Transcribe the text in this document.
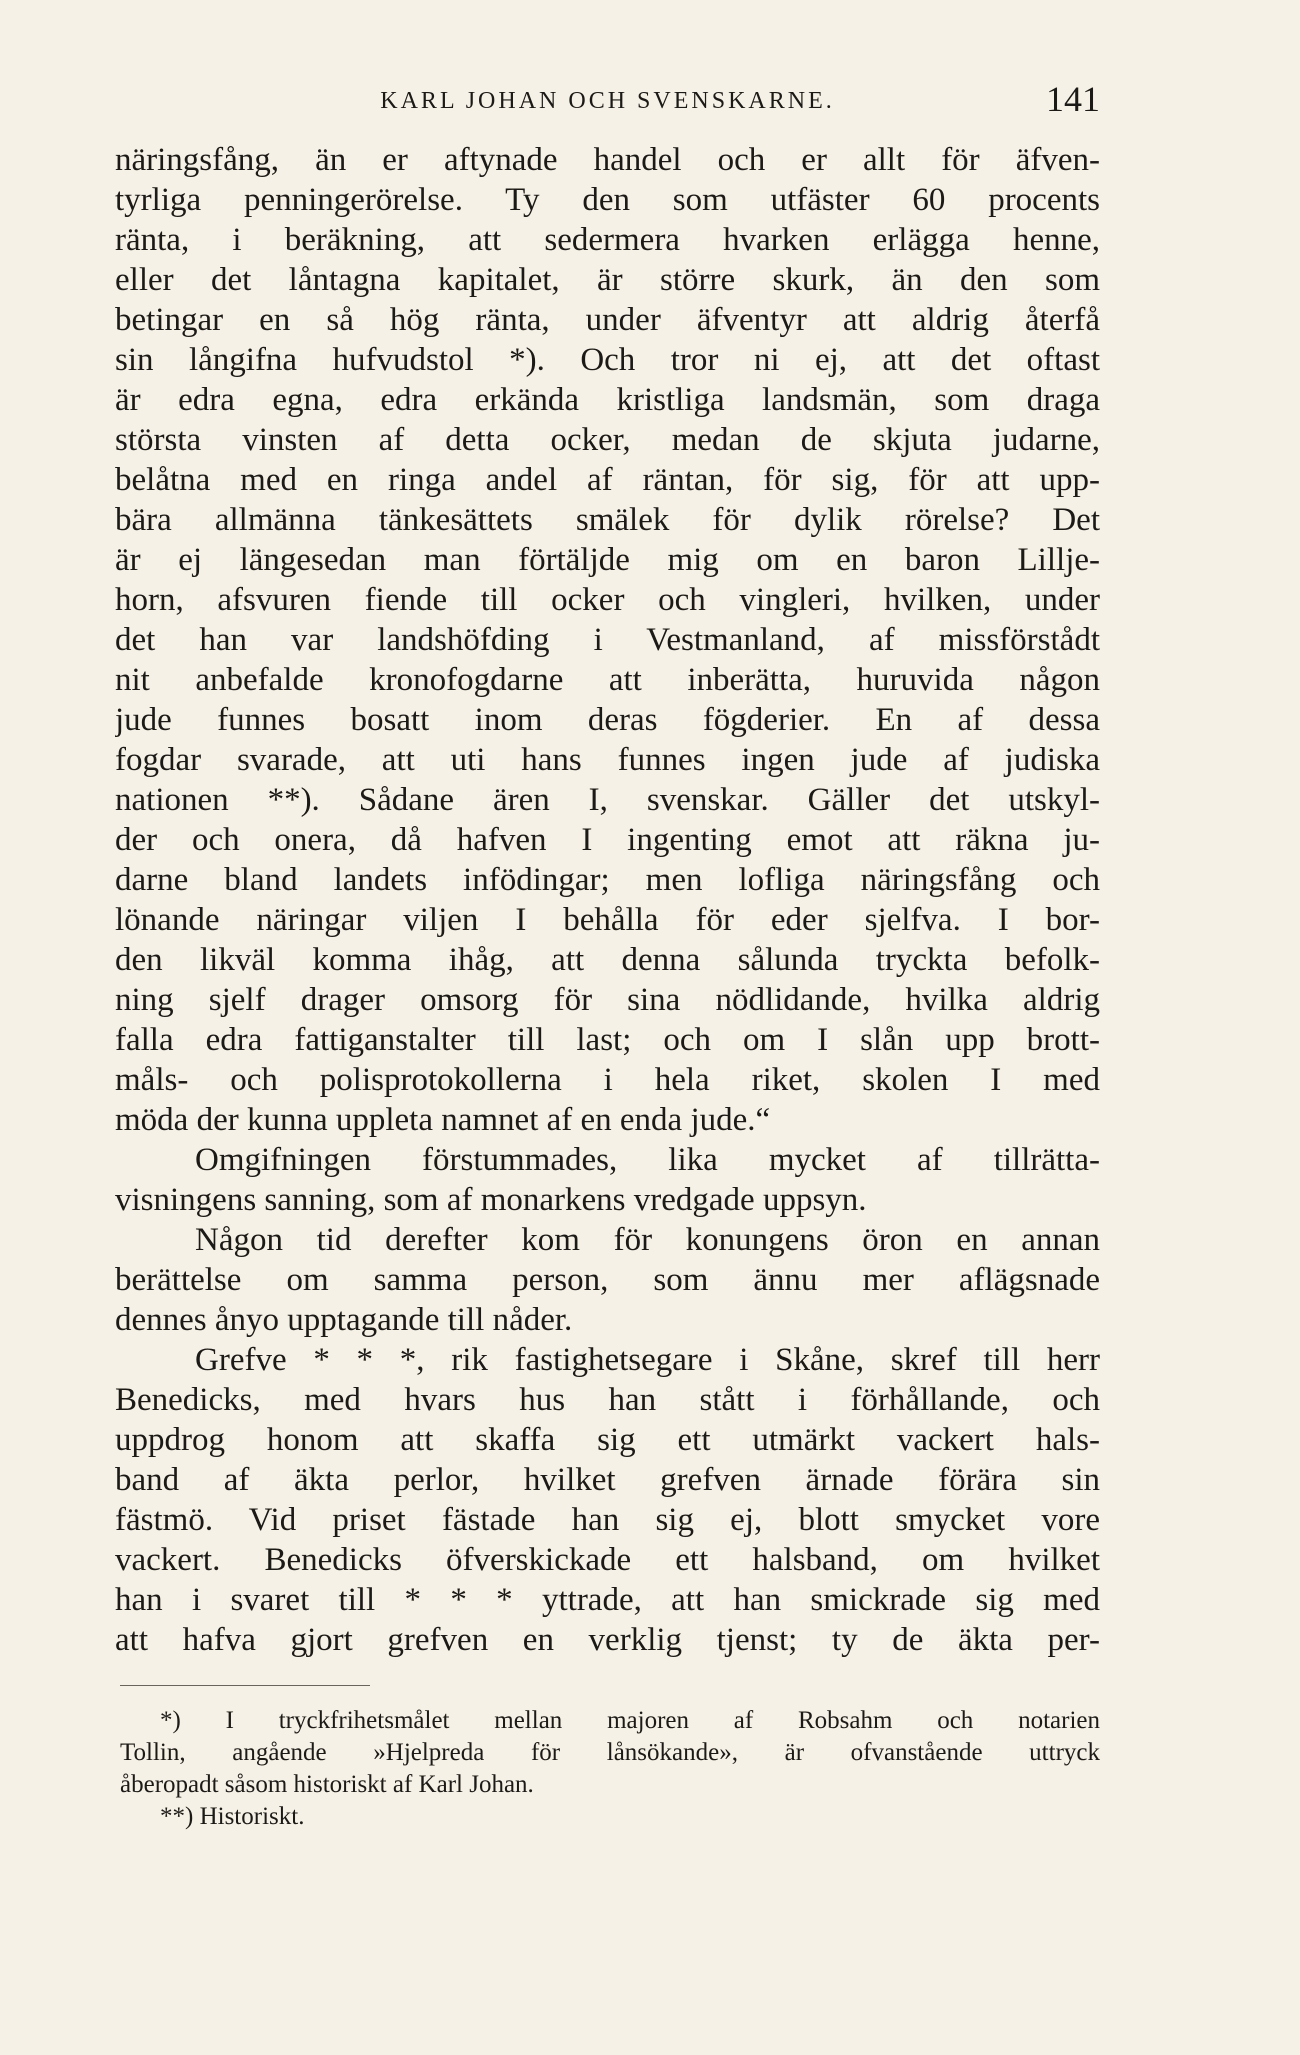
KARL JOHAN OCH SVENSKARNE.	141
näringsfång, än er aftynade handel och er allt för äfven-
tyrliga penningerörelse. Ty den som utfäster 60 procents
ränta, i beräkning, att sedermera hvarken erlägga henne,
eller det låntagna kapitalet, är större skurk, än den som
betingar en så hög ränta, under äfventyr att aldrig återfå
sin långifna hufvudstol *). Och tror ni ej, att det oftast
är edra egna, edra erkända kristliga landsmän, som draga
största vinsten af detta ocker, medan de skjuta judarne,
belåtna med en ringa andel af räntan, för sig, för att upp-
bära allmänna tänkesättets smälek för dylik rörelse? Det
är ej längesedan man förtäljde mig om en baron Lillje-
horn, afsvuren fiende till ocker och vingleri, hvilken, under
det han var landshöfding i Vestmanland, af missförstådt
nit anbefalde kronofogdarne att inberätta, huruvida någon
jude funnes bosatt inom deras fögderier. En af dessa
fogdar svarade, att uti hans funnes ingen jude af judiska
nationen **). Sådane ären I, svenskar. Gäller det utskyl-
der och onera, då hafven I ingenting emot att räkna ju-
darne bland landets infödingar; men lofliga näringsfång och
lönande näringar viljen I behålla för eder sjelfva. I bor-
den likväl komma ihåg, att denna sålunda tryckta befolk-
ning sjelf drager omsorg för sina nödlidande, hvilka aldrig
falla edra fattiganstalter till last; och om I slån upp brott-
måls- och polisprotokollerna i hela riket, skolen I med
möda der kunna uppleta namnet af en enda jude.“
Omgifningen förstummades, lika mycket af tillrätta-
visningens sanning, som af monarkens vredgade uppsyn.
Någon tid derefter kom för konungens öron en annan
berättelse om samma person, som ännu mer aflägsnade
dennes ånyo upptagande till nåder.
Grefve * * *, rik fastighetsegare i Skåne, skref till herr
Benedicks, med hvars hus han stått i förhållande, och
uppdrog honom att skaffa sig ett utmärkt vackert hals-
band af äkta perlor, hvilket grefven ärnade förära sin
fästmö. Vid priset fästade han sig ej, blott smycket vore
vackert. Benedicks öfverskickade ett halsband, om hvilket
han i svaret till * * * yttrade, att han smickrade sig med
att hafva gjort grefven en verklig tjenst; ty de äkta per-
*) I tryckfrihetsmålet mellan majoren af Robsahm och notarien
Tollin, angående »Hjelpreda för lånsökande», är ofvanstående uttryck
åberopadt såsom historiskt af Karl Johan.
**) Historiskt.
